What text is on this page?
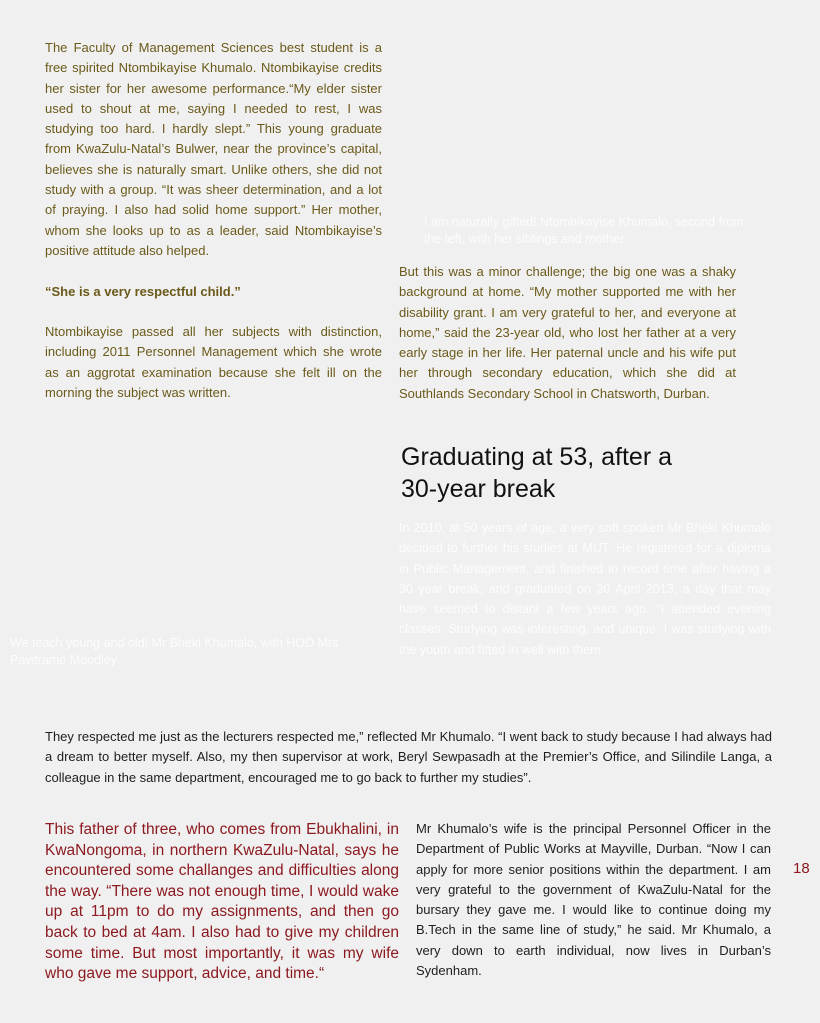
The Faculty of Management Sciences best student is a free spirited Ntombikayise Khumalo. Ntombikayise credits her sister for her awesome performance.“My elder sister used to shout at me, saying I needed to rest, I was studying too hard. I hardly slept.” This young graduate from KwaZulu-Natal’s Bulwer, near the province’s capital, believes she is naturally smart. Unlike others, she did not study with a group. “It was sheer determination, and a lot of praying. I also had solid home support.” Her mother, whom she looks up to as a leader, said Ntombikayise’s positive attitude also helped.

“She is a very respectful child.”

Ntombikayise passed all her subjects with distinction, including 2011 Personnel Management which she wrote as an aggrotat examination because she felt ill on the morning the subject was written.

I am naturally gifted! Ntombikayise Khumalo, second from the left, with her siblings and mother

But this was a minor challenge; the big one was a shaky background at home. “My mother supported me with her disability grant. I am very grateful to her, and everyone at home,” said the 23-year old, who lost her father at a very early stage in her life. Her paternal uncle and his wife put her through secondary education, which she did at Southlands Secondary School in Chatsworth, Durban.

Graduating at 53, after a
30-year break

In 2010, at 50 years of age, a very soft spoken Mr Bheki Khumalo decided to further his studies at MUT. He registered for a diploma in Public Management, and finished in record time after having a 30 year break, and graduated on 30 April 2013, a day that may have seemed to distant a few years ago. “I attended evening classes. Studying was interesting, and unique. I was studying with the youth and fitted in well with them.

We teach young and old! Mr Bheki Khumalo, with HOD Mrs Pavitramo Moodley

They respected me just as the lecturers respected me,” reflected Mr Khumalo. “I went back to study because I had always had a dream to better myself. Also, my then supervisor at work, Beryl Sewpasadh at the Premier’s Office, and Silindile Langa, a colleague in the same department, encouraged me to go back to further my studies”.

This father of three, who comes from Ebukhalini, in KwaNongoma, in northern KwaZulu-Natal, says he encountered some challanges and difficulties along the way. “There was not enough time, I would wake up at 11pm to do my assignments, and then go back to bed at 4am. I also had to give my children some time. But most importantly, it was my wife who gave me support, advice, and time.“

Mr Khumalo’s wife is the principal Personnel Officer in the Department of Public Works at Mayville, Durban. “Now I can apply for more senior positions within the department. I am very grateful to the government of KwaZulu-Natal for the bursary they gave me. I would like to continue doing my B.Tech in the same line of study,” he said. Mr Khumalo, a very down to earth individual, now lives in Durban’s Sydenham.

18
